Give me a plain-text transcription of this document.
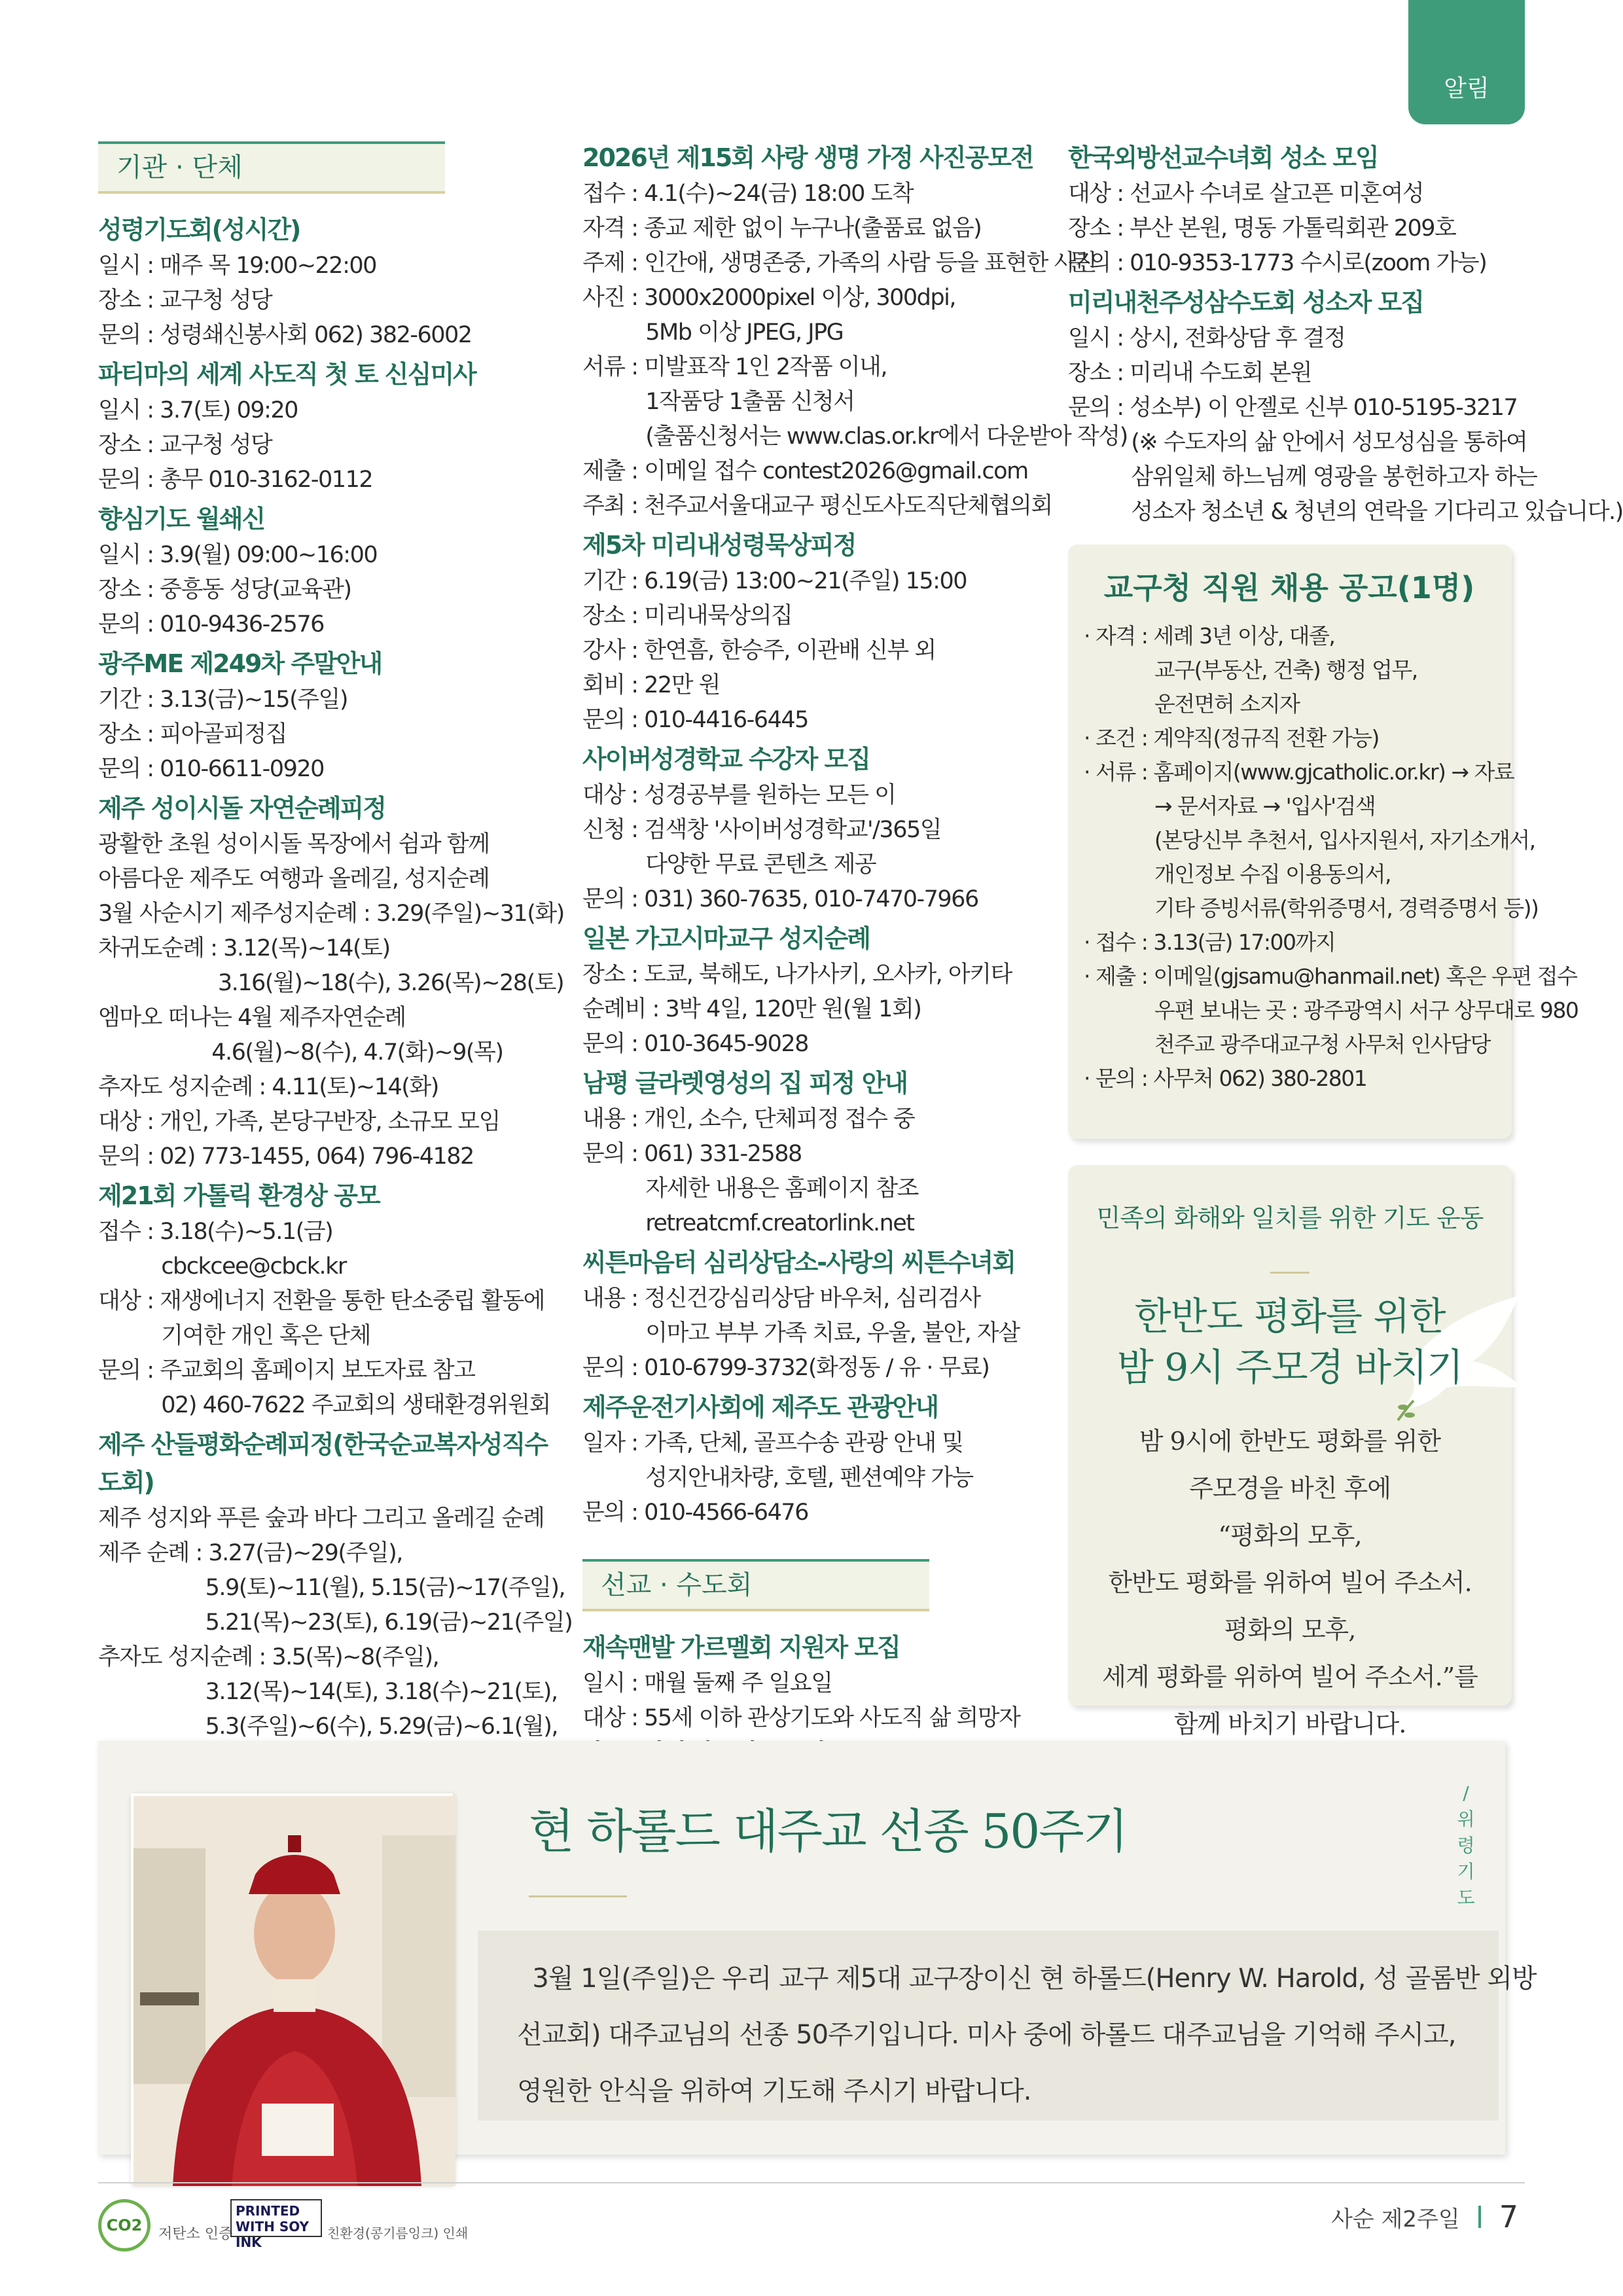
알림
기관 · 단체
성령기도회(성시간)
일시 : 매주 목 19:00~22:00
장소 : 교구청 성당
문의 : 성령쇄신봉사회 062) 382-6002
파티마의 세계 사도직 첫 토 신심미사
일시 : 3.7(토) 09:20
장소 : 교구청 성당
문의 : 총무 010-3162-0112
향심기도 월쇄신
일시 : 3.9(월) 09:00~16:00
장소 : 중흥동 성당(교육관)
문의 : 010-9436-2576
광주ME 제249차 주말안내
기간 : 3.13(금)~15(주일)
장소 : 피아골피정집
문의 : 010-6611-0920
제주 성이시돌 자연순례피정
광활한 초원 성이시돌 목장에서 쉼과 함께
아름다운 제주도 여행과 올레길, 성지순례
3월 사순시기 제주성지순례 : 3.29(주일)~31(화)
차귀도순례 : 3.12(목)~14(토)
3.16(월)~18(수), 3.26(목)~28(토)
엠마오 떠나는 4월 제주자연순례
4.6(월)~8(수), 4.7(화)~9(목)
추자도 성지순례 : 4.11(토)~14(화)
대상 : 개인, 가족, 본당구반장, 소규모 모임
문의 : 02) 773-1455, 064) 796-4182
제21회 가톨릭 환경상 공모
접수 : 3.18(수)~5.1(금)
cbckcee@cbck.kr
대상 : 재생에너지 전환을 통한 탄소중립 활동에
기여한 개인 혹은 단체
문의 : 주교회의 홈페이지 보도자료 참고
02) 460-7622 주교회의 생태환경위원회
제주 산들평화순례피정(한국순교복자성직수도회)
제주 성지와 푸른 숲과 바다 그리고 올레길 순례
제주 순례 : 3.27(금)~29(주일),
5.9(토)~11(월), 5.15(금)~17(주일),
5.21(목)~23(토), 6.19(금)~21(주일)
추자도 성지순례 : 3.5(목)~8(주일),
3.12(목)~14(토), 3.18(수)~21(토),
5.3(주일)~6(수), 5.29(금)~6.1(월),
2026년 제15회 사랑 생명 가정 사진공모전
접수 : 4.1(수)~24(금) 18:00 도착
자격 : 종교 제한 없이 누구나(출품료 없음)
주제 : 인간애, 생명존중, 가족의 사람 등을 표현한 사진
사진 : 3000x2000pixel 이상, 300dpi,
5Mb 이상 JPEG, JPG
서류 : 미발표작 1인 2작품 이내,
1작품당 1출품 신청서
(출품신청서는 www.clas.or.kr에서 다운받아 작성)
제출 : 이메일 접수 contest2026@gmail.com
주최 : 천주교서울대교구 평신도사도직단체협의회
제5차 미리내성령묵상피정
기간 : 6.19(금) 13:00~21(주일) 15:00
장소 : 미리내묵상의집
강사 : 한연흠, 한승주, 이관배 신부 외
회비 : 22만 원
문의 : 010-4416-6445
사이버성경학교 수강자 모집
대상 : 성경공부를 원하는 모든 이
신청 : 검색창 '사이버성경학교'/365일
다양한 무료 콘텐츠 제공
문의 : 031) 360-7635, 010-7470-7966
일본 가고시마교구 성지순례
장소 : 도쿄, 북해도, 나가사키, 오사카, 아키타
순례비 : 3박 4일, 120만 원(월 1회)
문의 : 010-3645-9028
남평 글라렛영성의 집 피정 안내
내용 : 개인, 소수, 단체피정 접수 중
문의 : 061) 331-2588
자세한 내용은 홈페이지 참조
retreatcmf.creatorlink.net
씨튼마음터 심리상담소-사랑의 씨튼수녀회
내용 : 정신건강심리상담 바우처, 심리검사
이마고 부부 가족 치료, 우울, 불안, 자살
문의 : 010-6799-3732(화정동 / 유 · 무료)
제주운전기사회에 제주도 관광안내
일자 : 가족, 단체, 골프수송 관광 안내 및
성지안내차량, 호텔, 펜션예약 가능
문의 : 010-4566-6476
선교 · 수도회
재속맨발 가르멜회 지원자 모집
일시 : 매월 둘째 주 일요일
대상 : 55세 이하 관상기도와 사도직 삶 희망자
한국외방선교수녀회 성소 모임
대상 : 선교사 수녀로 살고픈 미혼여성
장소 : 부산 본원, 명동 가톨릭회관 209호
문의 : 010-9353-1773 수시로(zoom 가능)
미리내천주성삼수도회 성소자 모집
일시 : 상시, 전화상담 후 결정
장소 : 미리내 수도회 본원
문의 : 성소부) 이 안젤로 신부 010-5195-3217
(※ 수도자의 삶 안에서 성모성심을 통하여
삼위일체 하느님께 영광을 봉헌하고자 하는
성소자 청소년 & 청년의 연락을 기다리고 있습니다.)
교구청 직원 채용 공고(1명)
· 자격 : 세례 3년 이상, 대졸,
교구(부동산, 건축) 행정 업무,
운전면허 소지자
· 조건 : 계약직(정규직 전환 가능)
· 서류 : 홈페이지(www.gjcatholic.or.kr) → 자료
→ 문서자료 → '입사'검색
(본당신부 추천서, 입사지원서, 자기소개서,
개인정보 수집 이용동의서,
기타 증빙서류(학위증명서, 경력증명서 등))
· 접수 : 3.13(금) 17:00까지
· 제출 : 이메일(gjsamu@hanmail.net) 혹은 우편 접수
우편 보내는 곳 : 광주광역시 서구 상무대로 980
천주교 광주대교구청 사무처 인사담당
· 문의 : 사무처 062) 380-2801
민족의 화해와 일치를 위한 기도 운동
한반도 평화를 위한
밤 9시 주모경 바치기
밤 9시에 한반도 평화를 위한
주모경을 바친 후에
“평화의 모후,
한반도 평화를 위하여 빌어 주소서.
평화의 모후,
세계 평화를 위하여 빌어 주소서.”를
함께 바치기 바랍니다.
현 하롤드 대주교 선종 50주기
/
위
령
기
도
3월 1일(주일)은 우리 교구 제5대 교구장이신 현 하롤드(Henry W. Harold, 성 골롬반 외방
선교회) 대주교님의 선종 50주기입니다. 미사 중에 하롤드 대주교님을 기억해 주시고,
영원한 안식을 위하여 기도해 주시기 바랍니다.
CO2 저탄소 인증
PRINTED WITH SOY INK
친환경(콩기름잉크) 인쇄
사순 제2주일 7
